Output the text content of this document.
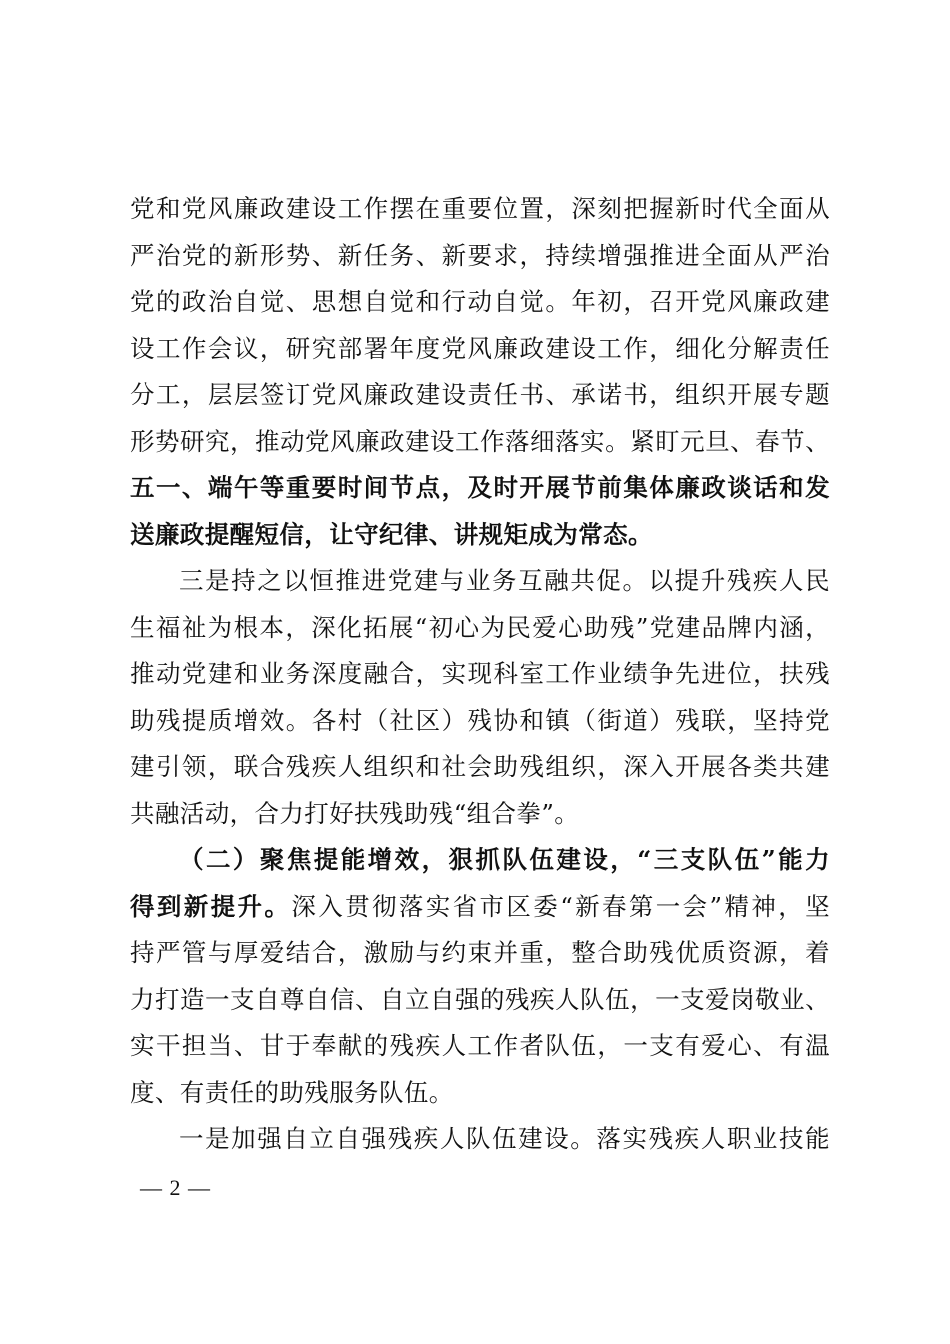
党和党风廉政建设工作摆在重要位置，深刻把握新时代全面从
严治党的新形势、新任务、新要求，持续增强推进全面从严治
党的政治自觉、思想自觉和行动自觉。年初，召开党风廉政建
设工作会议，研究部署年度党风廉政建设工作，细化分解责任
分工，层层签订党风廉政建设责任书、承诺书，组织开展专题
形势研究，推动党风廉政建设工作落细落实。紧盯元旦、春节、
五一、端午等重要时间节点，及时开展节前集体廉政谈话和发
送廉政提醒短信，让守纪律、讲规矩成为常态。
三是持之以恒推进党建与业务互融共促。以提升残疾人民
生福祉为根本，深化拓展“初心为民爱心助残”党建品牌内涵，
推动党建和业务深度融合，实现科室工作业绩争先进位，扶残
助残提质增效。各村（社区）残协和镇（街道）残联，坚持党
建引领，联合残疾人组织和社会助残组织，深入开展各类共建
共融活动，合力打好扶残助残“组合拳”。
（二）聚焦提能增效，狠抓队伍建设，“三支队伍”能力
得到新提升。深入贯彻落实省市区委“新春第一会”精神，坚
持严管与厚爱结合，激励与约束并重，整合助残优质资源，着
力打造一支自尊自信、自立自强的残疾人队伍，一支爱岗敬业、
实干担当、甘于奉献的残疾人工作者队伍，一支有爱心、有温
度、有责任的助残服务队伍。
一是加强自立自强残疾人队伍建设。落实残疾人职业技能
— 2 —
